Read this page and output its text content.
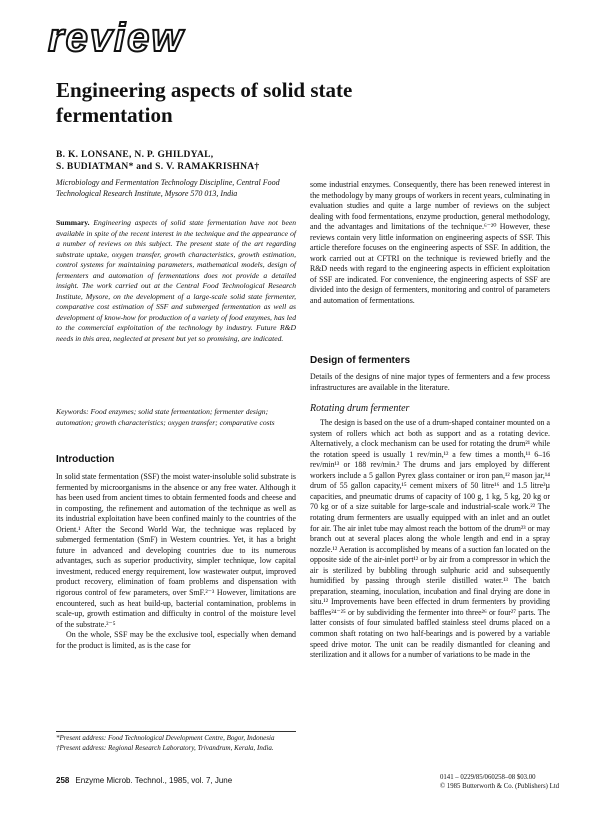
review
Engineering aspects of solid state fermentation
B. K. LONSANE, N. P. GHILDYAL,
S. BUDIATMAN* and S. V. RAMAKRISHNA†
Microbiology and Fermentation Technology Discipline, Central Food Technological Research Institute, Mysore 570 013, India
Summary. Engineering aspects of solid state fermentation have not been available in spite of the recent interest in the technique and the appearance of a number of reviews on this subject. The present state of the art regarding substrate uptake, oxygen transfer, growth characteristics, growth estimation, control systems for maintaining parameters, mathematical models, design of fermenters and automation of fermentations does not provide a detailed insight. The work carried out at the Central Food Technological Research Institute, Mysore, on the development of a large-scale solid state fermenter, comparative cost estimation of SSF and submerged fermentation as well as development of know-how for production of a variety of food enzymes, has led to the commercial exploitation of the technology by industry. Future R&D needs in this area, neglected at present but yet so promising, are indicated.
Keywords: Food enzymes; solid state fermentation; fermenter design; automation; growth characteristics; oxygen transfer; comparative costs
Introduction

In solid state fermentation (SSF) the moist water-insoluble solid substrate is fermented by microorganisms in the absence or any free water. Although it has been used from ancient times to obtain fermented foods and cheese and in composting, the refinement and automation of the technique as well as its industrial exploitation have been confined mainly to the countries of the Orient.¹ After the Second World War, the technique was replaced by submerged fermentation (SmF) in Western countries. Yet, it has a bright future in advanced and developing countries due to its numerous advantages, such as superior productivity, simpler technique, low capital investment, reduced energy requirement, low wastewater output, improved product recovery, elimination of foam problems and dispensation with rigorous control of few parameters, over SmF.²⁻³ However, limitations are encountered, such as heat build-up, bacterial contamination, problems in scale-up, growth estimation and difficulty in control of the moisture level of the substrate.²⁻⁵

On the whole, SSF may be the exclusive tool, especially when demand for the product is limited, as is the case for

*Present address: Food Technological Development Centre, Bogor, Indonesia

†Present address: Regional Research Laboratory, Trivandrum, Kerala, India.

some industrial enzymes. Consequently, there has been renewed interest in the methodology by many groups of workers in recent years, culminating in evaluation studies and quite a large number of reviews on the subject dealing with food fermentations, enzyme production, general methodology, and the advantages and limitations of the technique.⁶⁻²⁰ However, these reviews contain very little information on engineering aspects of SSF. This article therefore focuses on the engineering aspects of SSF. In addition, the work carried out at CFTRI on the technique is reviewed briefly and the R&D needs with regard to the engineering aspects in efficient exploitation of SSF are indicated. For convenience, the engineering aspects of SSF are divided into the design of fermenters, monitoring and control of parameters and automation of fermentations.

Design of fermenters

Details of the designs of nine major types of fermenters and a few process infrastructures are available in the literature.

Rotating drum fermenter

The design is based on the use of a drum-shaped container mounted on a system of rollers which act both as support and as a rotating device. Alternatively, a clock mechanism can be used for rotating the drum²¹ while the rotation speed is usually 1 rev/min,¹² a few times a month,¹¹ 6–16 rev/min¹³ or 188 rev/min.² The drums and jars employed by different workers include a 5 gallon Pyrex glass container or iron pan,¹² mason jar,¹⁴ drum of 55 gallon capacity,¹⁵ cement mixers of 50 litre¹⁶ and 1.5 litre²µ capacities, and pneumatic drums of capacity of 100 g, 1 kg, 5 kg, 20 kg or 70 kg or of a size suitable for large-scale and industrial-scale work.²² The rotating drum fermenters are usually equipped with an inlet and an outlet for air. The air inlet tube may almost reach the bottom of the drum²³ or may branch out at several places along the whole length and end in a spray nozzle.¹² Aeration is accomplished by means of a suction fan located on the opposite side of the air-inlet port¹² or by air from a compressor in which the air is sterilized by bubbling through sulphuric acid and subsequently humidified by passing through sterile distilled water.¹³ The batch preparation, steaming, inoculation, incubation and final drying are done in situ.¹² Improvements have been effected in drum fermenters by providing baffles²⁴⁻²⁵ or by subdividing the fermenter into three²⁶ or four²⁷ parts. The latter consists of four simulated baffled stainless steel drums placed on a common shaft rotating on two half-bearings and is powered by a variable speed drive motor. The unit can be readily dismantled for cleaning and sterilization and it allows for a number of variations to be made in the

258 Enzyme Microb. Technol., 1985, vol. 7, June	0141 – 0229/85/060258–08 $03.00
© 1985 Butterworth & Co. (Publishers) Ltd
